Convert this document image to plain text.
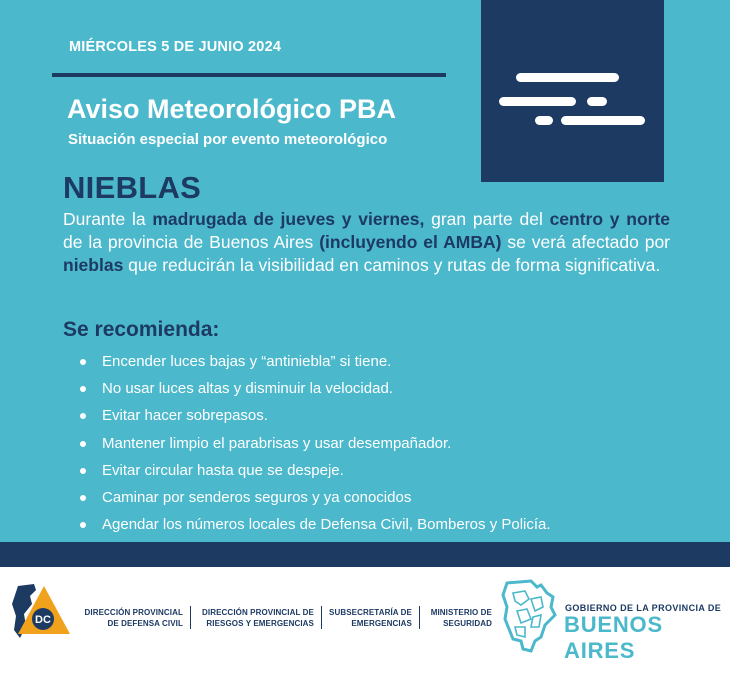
MIÉRCOLES 5 DE JUNIO 2024
Aviso Meteorológico PBA
Situación especial por evento meteorológico
NIEBLAS

Durante la madrugada de jueves y viernes, gran parte del centro y norte de la provincia de Buenos Aires (incluyendo el AMBA) se verá afectado por nieblas que reducirán la visibilidad en caminos y rutas de forma significativa.

Se recomienda:
Encender luces bajas y “antiniebla” si tiene.
No usar luces altas y disminuir la velocidad.
Evitar hacer sobrepasos.
Mantener limpio el parabrisas y usar desempañador.
Evitar circular hasta que se despeje.
Caminar por senderos seguros y ya conocidos
Agendar los números locales de Defensa Civil, Bomberos y Policía.
DC
DIRECCIÓN PROVINCIAL
DE DEFENSA CIVIL
DIRECCIÓN PROVINCIAL DE
RIESGOS Y EMERGENCIAS
SUBSECRETARÍA DE
EMERGENCIAS
MINISTERIO DE
SEGURIDAD
GOBIERNO DE LA PROVINCIA DE
BUENOS AIRES
